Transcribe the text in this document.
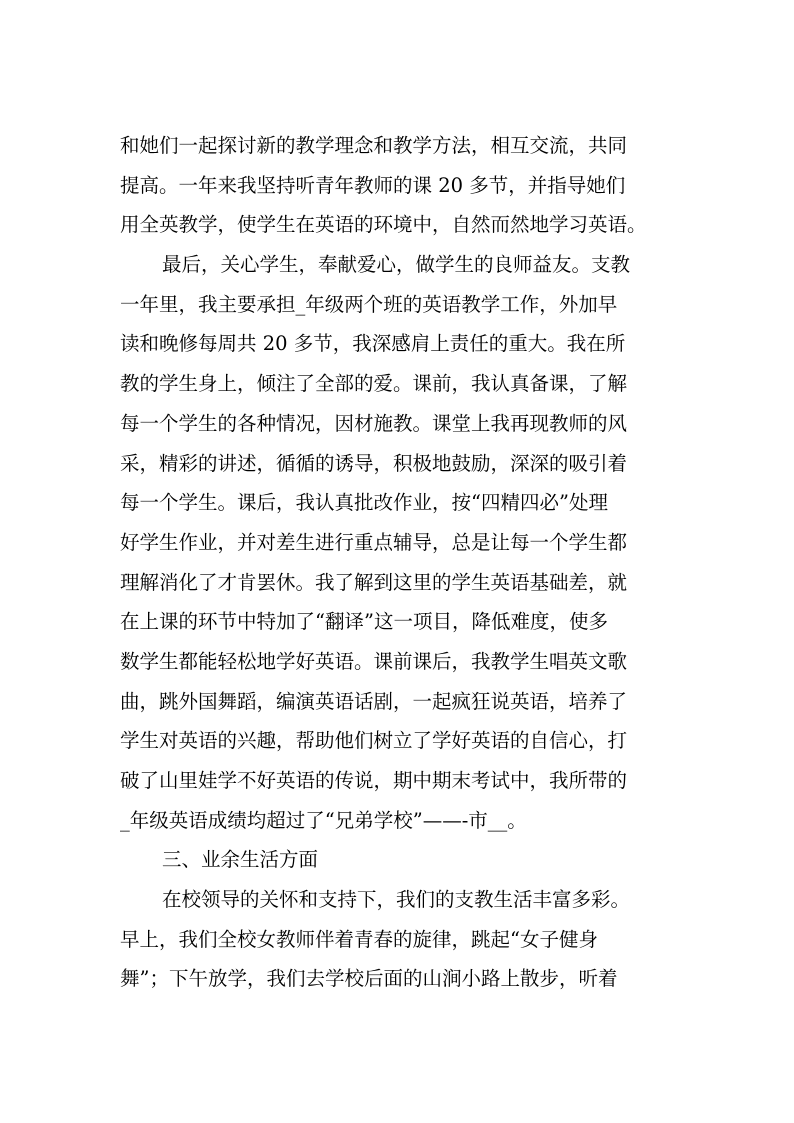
和她们一起探讨新的教学理念和教学方法，相互交流，共同
提高。一年来我坚持听青年教师的课 20 多节，并指导她们
用全英教学，使学生在英语的环境中，自然而然地学习英语。
最后，关心学生，奉献爱心，做学生的良师益友。支教
一年里，我主要承担_年级两个班的英语教学工作，外加早
读和晚修每周共 20 多节，我深感肩上责任的重大。我在所
教的学生身上，倾注了全部的爱。课前，我认真备课，了解
每一个学生的各种情况，因材施教。课堂上我再现教师的风
采，精彩的讲述，循循的诱导，积极地鼓励，深深的吸引着
每一个学生。课后，我认真批改作业，按“四精四必”处理
好学生作业，并对差生进行重点辅导，总是让每一个学生都
理解消化了才肯罢休。我了解到这里的学生英语基础差，就
在上课的环节中特加了“翻译”这一项目，降低难度，使多
数学生都能轻松地学好英语。课前课后，我教学生唱英文歌
曲，跳外国舞蹈，编演英语话剧，一起疯狂说英语，培养了
学生对英语的兴趣，帮助他们树立了学好英语的自信心，打
破了山里娃学不好英语的传说，期中期末考试中，我所带的
_年级英语成绩均超过了“兄弟学校”——-市__。
三、业余生活方面
在校领导的关怀和支持下，我们的支教生活丰富多彩。
早上，我们全校女教师伴着青春的旋律，跳起“女子健身
舞”；下午放学，我们去学校后面的山涧小路上散步，听着
